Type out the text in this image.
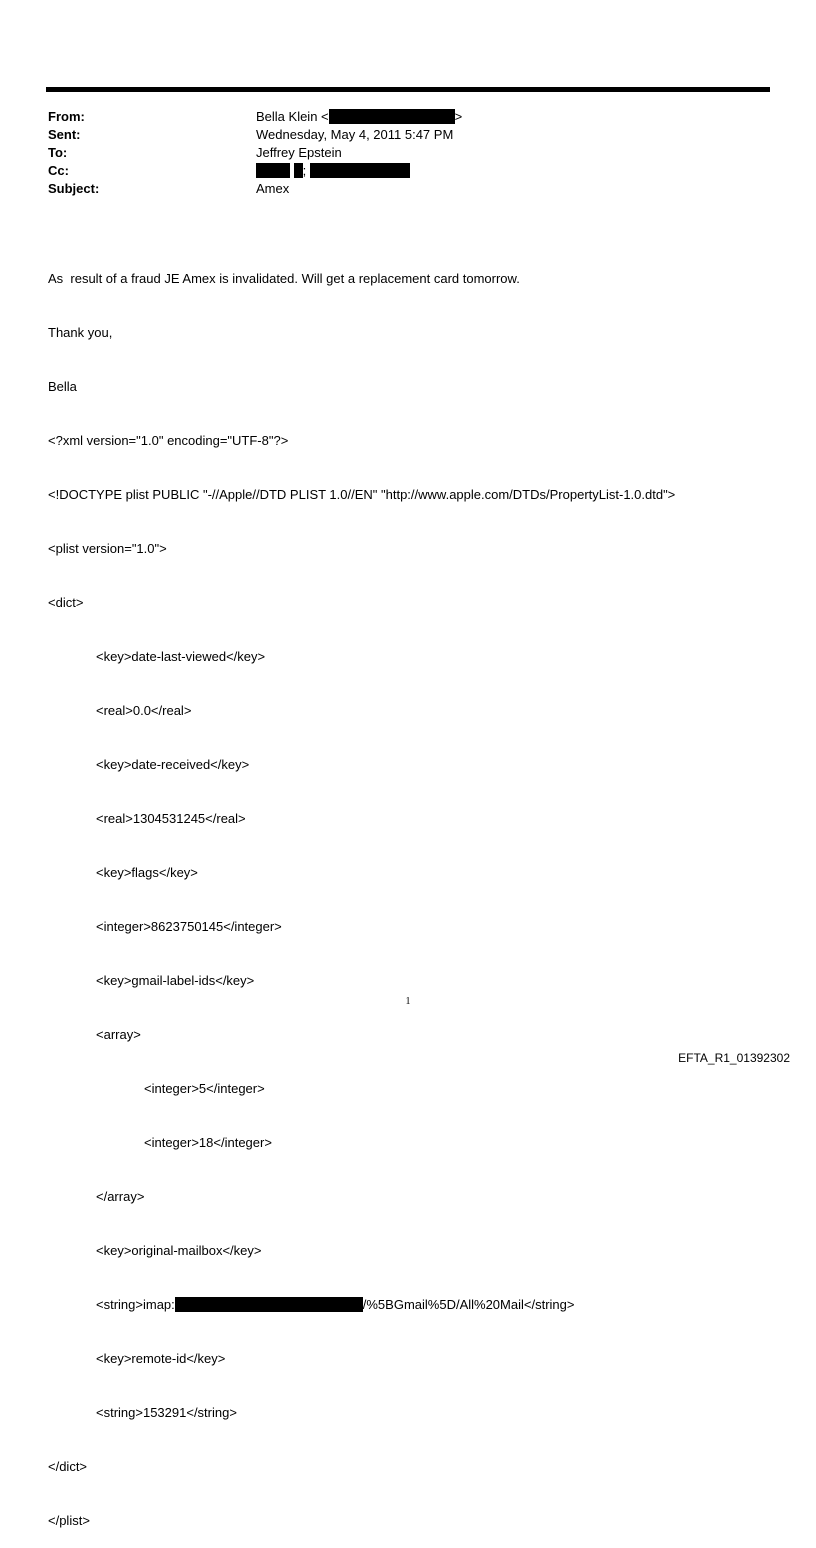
From:	Bella Klein <	>
Sent:	Wednesday, May 4, 2011 5:47 PM
To:	Jeffrey Epstein
Cc:	;
Subject:	Amex

As  result of a fraud JE Amex is invalidated. Will get a replacement card tomorrow.

Thank you,

Bella

<?xml version="1.0" encoding="UTF-8"?>

<!DOCTYPE plist PUBLIC "-//Apple//DTD PLIST 1.0//EN" "http://www.apple.com/DTDs/PropertyList-1.0.dtd">

<plist version="1.0">

<dict>

<key>date-last-viewed</key>

<real>0.0</real>

<key>date-received</key>

<real>1304531245</real>

<key>flags</key>

<integer>8623750145</integer>

<key>gmail-label-ids</key>

<array>

<integer>5</integer>

<integer>18</integer>

</array>

<key>original-mailbox</key>

<string>imap:	/%5BGmail%5D/All%20Mail</string>

<key>remote-id</key>

<string>153291</string>

</dict>

</plist>

1
EFTA_R1_01392302
